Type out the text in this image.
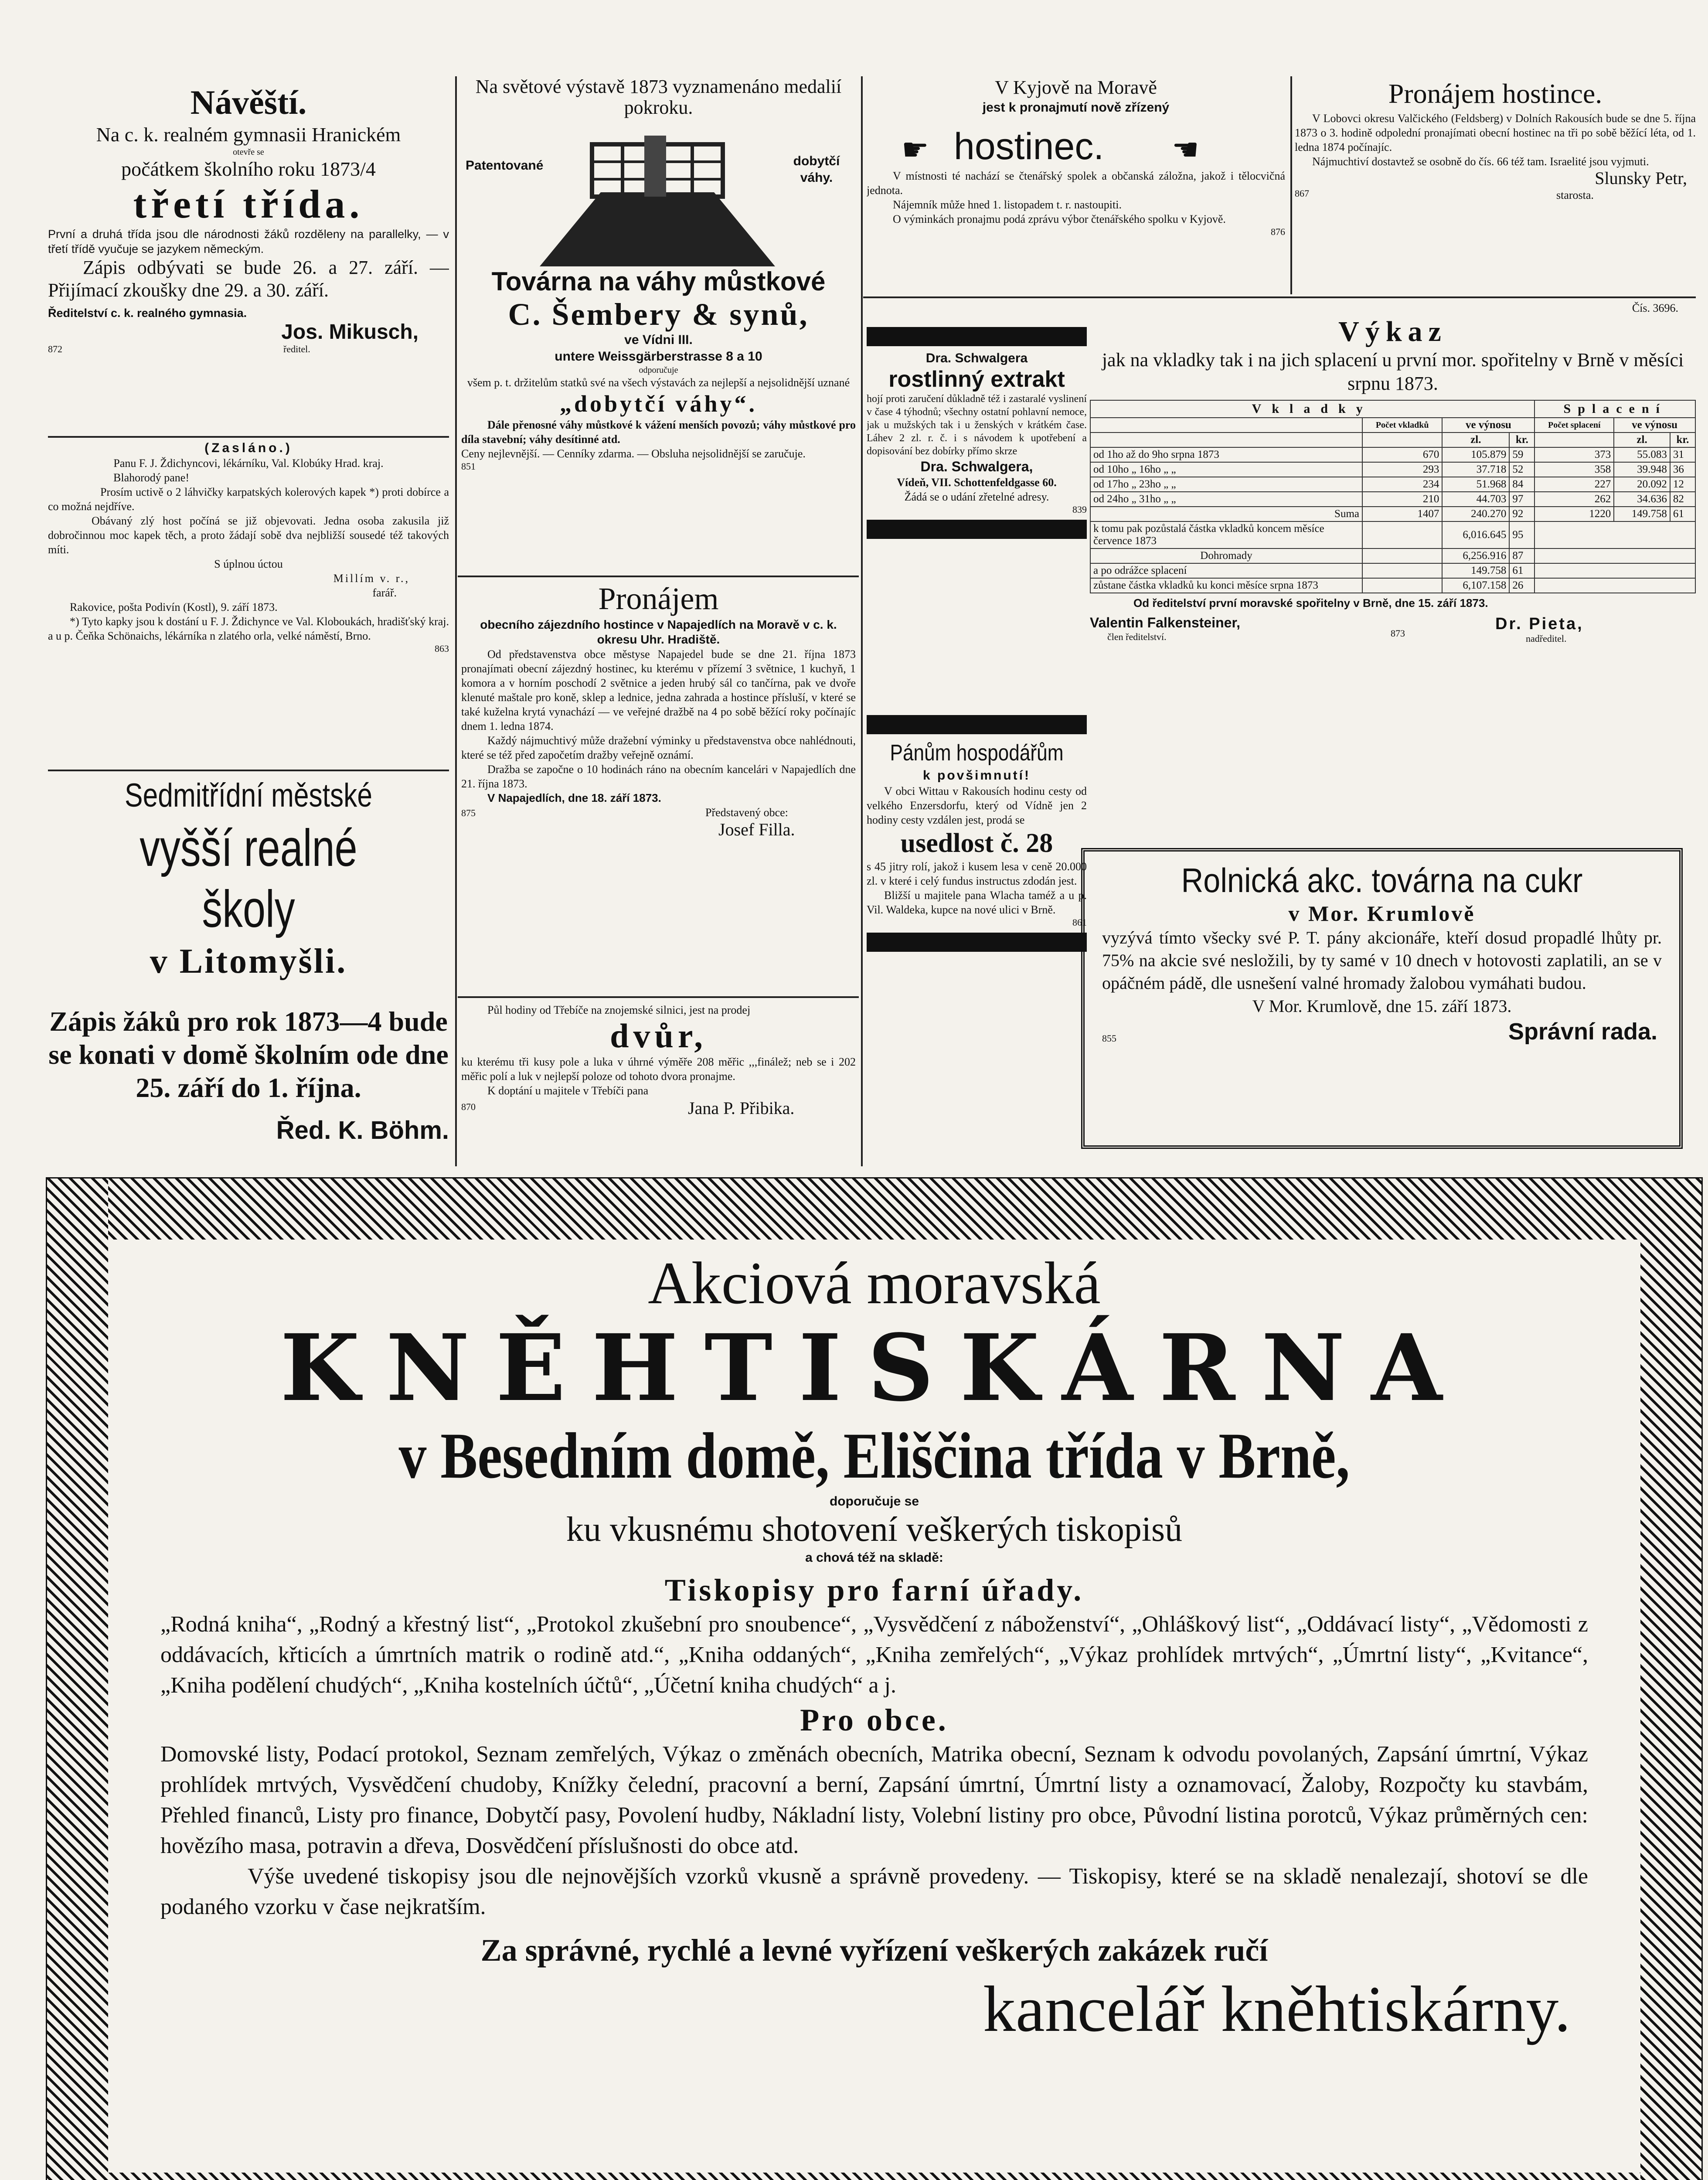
Návěští.
Na c. k. realném gymnasii Hranickém
otevře se
počátkem školního roku 1873/4
třetí třída.
První a druhá třída jsou dle národnosti žáků rozděleny na parallelky, — v třetí třídě vyučuje se jazykem německým.
Zápis odbývati se bude 26. a 27. září. — Přijímací zkoušky dne 29. a 30. září.
Ředitelství c. k. realného gymnasia.
Jos. Mikusch,
872	ředitel.
(Zasláno.)
Panu F. J. Ždichyncovi, lékárníku, Val. Klobúky Hrad. kraj.
Blahorodý pane!
Prosím uctivě o 2 láhvičky karpatských kolerových kapek *) proti dobírce a co možná nejdříve.
Obávaný zlý host počíná se již objevovati. Jedna osoba zakusila již dobročinnou moc kapek těch, a proto žádají sobě dva nejbližší sousedé též takových míti.
S úplnou úctou
Millím v. r.,
farář.
Rakovice, pošta Podivín (Kostl), 9. září 1873.
*) Tyto kapky jsou k dostání u F. J. Ždichynce ve Val. Kloboukách, hradišťský kraj. a u p. Čeňka Schönaichs, lékárníka n zlatého orla, velké náměstí, Brno.
863
Sedmitřídní městské
vyšší realné školy
v Litomyšli.
Zápis žáků pro rok 1873—4 bude se konati v domě školním ode dne 25. září do 1. října.
Řed. K. Böhm.
Na světové výstavě 1873 vyznamenáno medalií pokroku.
Patentované	dobytčí váhy.
Továrna na váhy můstkové
C. Šembery & synů,
ve Vídni III.
untere Weissgärberstrasse 8 a 10
odporučuje
všem p. t. držitelům statků své na všech výstavách za nejlepší a nejsolidnější uznané
„dobytčí váhy“.
Dále přenosné váhy můstkové k vážení menších povozů; váhy můstkové pro díla stavební; váhy desítinné atd.
Ceny nejlevnější. — Cenníky zdarma. — Obsluha nejsolidnější se zaručuje.
851
Pronájem
obecního zájezdního hostince v Napajedlích na Moravě v c. k. okresu Uhr. Hradiště.
Od představenstva obce městyse Napajedel bude se dne 21. října 1873 pronajímati obecní zájezdný hostinec, ku kterému v přízemí 3 světnice, 1 kuchyň, 1 komora a v horním poschodí 2 světnice a jeden hrubý sál co tančírna, pak ve dvoře klenuté maštale pro koně, sklep a lednice, jedna zahrada a hostince přísluší, v které se také kuželna krytá vynachází — ve veřejné dražbě na 4 po sobě běžící roky počínajíc dnem 1. ledna 1874.
Každý nájmuchtivý může dražební výminky u představenstva obce nahlédnouti, které se též před započetím dražby veřejně oznámí.
Dražba se započne o 10 hodinách ráno na obecním kancelári v Napajedlích dne 21. října 1873.
V Napajedlích, dne 18. září 1873.
875	Představený obce:
Josef Filla.
Půl hodiny od Třebíče na znojemské silnici, jest na prodej
dvůr,
ku kterému tři kusy pole a luka v úhrné výměře 208 měřic ,,,finálež; neb se i 202 měřic polí a luk v nejlepší poloze od tohoto dvora pronajme.
K doptání u majitele v Třebíči pana
870	Jana P. Přibika.
V Kyjově na Moravě
jest k pronajmutí nově zřízený
☛ hostinec. ☚
V místnosti té nachází se čtenářský spolek a občanská záložna, jakož i tělocvičná jednota.
Nájemník může hned 1. listopadem t. r. nastoupiti.
O výminkách pronajmu podá zprávu výbor čtenářského spolku v Kyjově.
876
Dra. Schwalgera
rostlinný extrakt
hojí proti zaručení důkladně též i zastaralé vyslinení v čase 4 týhodnů; všechny ostatní pohlavní nemoce, jak u mužských tak i u ženských v krátkém čase. Láhev 2 zl. r. č. i s návodem k upotřebení a dopisování bez dobírky přímo skrze
Dra. Schwalgera,
Vídeň, VII. Schottenfeldgasse 60.
Žádá se o udání zřetelné adresy.
839
Pánům hospodářům
k povšimnutí!
V obci Wittau v Rakousích hodinu cesty od velkého Enzersdorfu, který od Vídně jen 2 hodiny cesty vzdálen jest, prodá se
usedlost č. 28
s 45 jitry rolí, jakož i kusem lesa v ceně 20.000 zl. v které i celý fundus instructus zdodán jest.
Bližší u majitele pana Wlacha taméž a u p. Vil. Waldeka, kupce na nové ulici v Brně.
861
Pronájem hostince.
V Lobovci okresu Valčického (Feldsberg) v Dolních Rakousích bude se dne 5. října 1873 o 3. hodině odpolední pronajímati obecní hostinec na tři po sobě běžící léta, od 1. ledna 1874 počínajíc.
Nájmuchtiví dostavtež se osobně do čís. 66 též tam. Israelité jsou vyjmuti.
Slunsky Petr,
867	starosta.
Čís. 3696.
Výkaz
jak na vkladky tak i na jich splacení u první mor. spořitelny v Brně v měsíci srpnu 1873.
Vkladky				Splacení		
	Počet vkladků	ve výnosu		Počet splacení	ve výnosu	
		zl.	kr.		zl.	kr.
od 1ho až do 9ho srpna 1873	670	105.879	59	373	55.083	31
od 10ho „ 16ho „ „	293	37.718	52	358	39.948	36
od 17ho „ 23ho „ „	234	51.968	84	227	20.092	12
od 24ho „ 31ho „ „	210	44.703	97	262	34.636	82
Suma	1407	240.270	92	1220	149.758	61
k tomu pak pozůstalá částka vkladků koncem měsíce července 1873		6,016.645	95			
Dohromady		6,256.916	87			
a po odrážce splacení		149.758	61			
zůstane částka vkladků ku konci měsíce srpna 1873		6,107.158	26			
Od ředitelství první moravské spořitelny v Brně, dne 15. září 1873.
Valentin Falkensteiner,
člen ředitelství.	873
Dr. Pieta,
nadředitel.
Rolnická akc. továrna na cukr
v Mor. Krumlově
vyzývá tímto všecky své P. T. pány akcionáře, kteří dosud propadlé lhůty pr. 75% na akcie své nesložili, by ty samé v 10 dnech v hotovosti zaplatili, an se v opáčném pádě, dle usnešení valné hromady žalobou vymáhati budou.
V Mor. Krumlově, dne 15. září 1873.
855	Správní rada.
Akciová moravská
KNĚHTISKÁRNA
v Besedním domě, Eliščina třída v Brně,
doporučuje se
ku vkusnému shotovení veškerých tiskopisů
a chová též na skladě:
Tiskopisy pro farní úřady.
„Rodná kniha“, „Rodný a křestný list“, „Protokol zkušební pro snoubence“, „Vysvědčení z náboženství“, „Ohláškový list“, „Oddávací listy“, „Vědomosti z oddávacích, křticích a úmrtních matrik o rodině atd.“, „Kniha oddaných“, „Kniha zemřelých“, „Výkaz prohlídek mrtvých“, „Úmrtní listy“, „Kvitance“, „Kniha podělení chudých“, „Kniha kostelních účtů“, „Účetní kniha chudých“ a j.
Pro obce.
Domovské listy, Podací protokol, Seznam zemřelých, Výkaz o změnách obecních, Matrika obecní, Seznam k odvodu povolaných, Zapsání úmrtní, Výkaz prohlídek mrtvých, Vysvědčení chudoby, Knížky čelední, pracovní a berní, Zapsání úmrtní, Úmrtní listy a oznamovací, Žaloby, Rozpočty ku stavbám, Přehled financů, Listy pro finance, Dobytčí pasy, Povolení hudby, Nákladní listy, Volební listiny pro obce, Původní listina porotců, Výkaz průměrných cen: hovězího masa, potravin a dřeva, Dosvědčení příslušnosti do obce atd.
Výše uvedené tiskopisy jsou dle nejnovějších vzorků vkusně a správně provedeny. — Tiskopisy, které se na skladě nenalezají, shotoví se dle podaného vzorku v čase nejkratším.
Za správné, rychlé a levné vyřízení veškerých zakázek ručí
kancelář kněhtiskárny.
